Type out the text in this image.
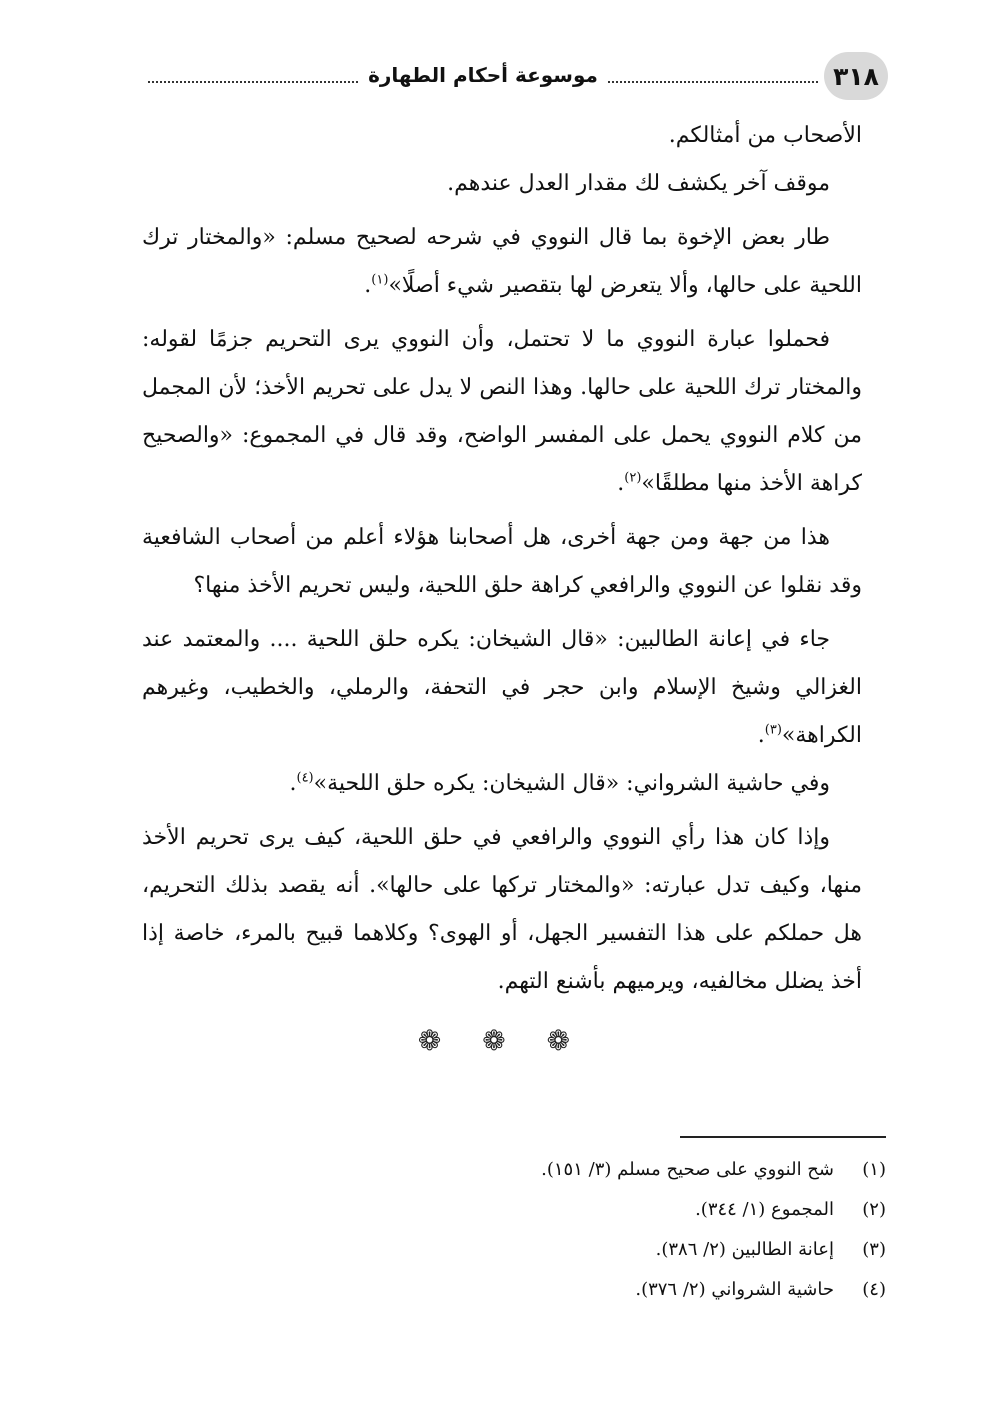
٣١٨
موسوعة أحكام الطهارة

الأصحاب من أمثالكم.

موقف آخر يكشف لك مقدار العدل عندهم.

طار بعض الإخوة بما قال النووي في شرحه لصحيح مسلم: «والمختار ترك اللحية على حالها، وألا يتعرض لها بتقصير شيء أصلًا»$^{(١)}$.

فحملوا عبارة النووي ما لا تحتمل، وأن النووي يرى التحريم جزمًا لقوله: والمختار ترك اللحية على حالها. وهذا النص لا يدل على تحريم الأخذ؛ لأن المجمل من كلام النووي يحمل على المفسر الواضح، وقد قال في المجموع: «والصحيح كراهة الأخذ منها مطلقًا»$^{(٢)}$.

هذا من جهة ومن جهة أخرى، هل أصحابنا هؤلاء أعلم من أصحاب الشافعية وقد نقلوا عن النووي والرافعي كراهة حلق اللحية، وليس تحريم الأخذ منها؟

جاء في إعانة الطالبين: «قال الشيخان: يكره حلق اللحية .... والمعتمد عند الغزالي وشيخ الإسلام وابن حجر في التحفة، والرملي، والخطيب، وغيرهم الكراهة»$^{(٣)}$.

وفي حاشية الشرواني: «قال الشيخان: يكره حلق اللحية»$^{(٤)}$.

وإذا كان هذا رأي النووي والرافعي في حلق اللحية، كيف يرى تحريم الأخذ منها، وكيف تدل عبارته: «والمختار تركها على حالها». أنه يقصد بذلك التحريم، هل حملكم على هذا التفسير الجهل، أو الهوى؟ وكلاهما قبيح بالمرء، خاصة إذا أخذ يضلل مخالفيه، ويرميهم بأشنع التهم.

❁ ❁ ❁
(١)
شح النووي على صحيح مسلم (٣/ ١٥١).
(٢)
المجموع (١/ ٣٤٤).
(٣)
إعانة الطالبين (٢/ ٣٨٦).
(٤)
حاشية الشرواني (٢/ ٣٧٦).
